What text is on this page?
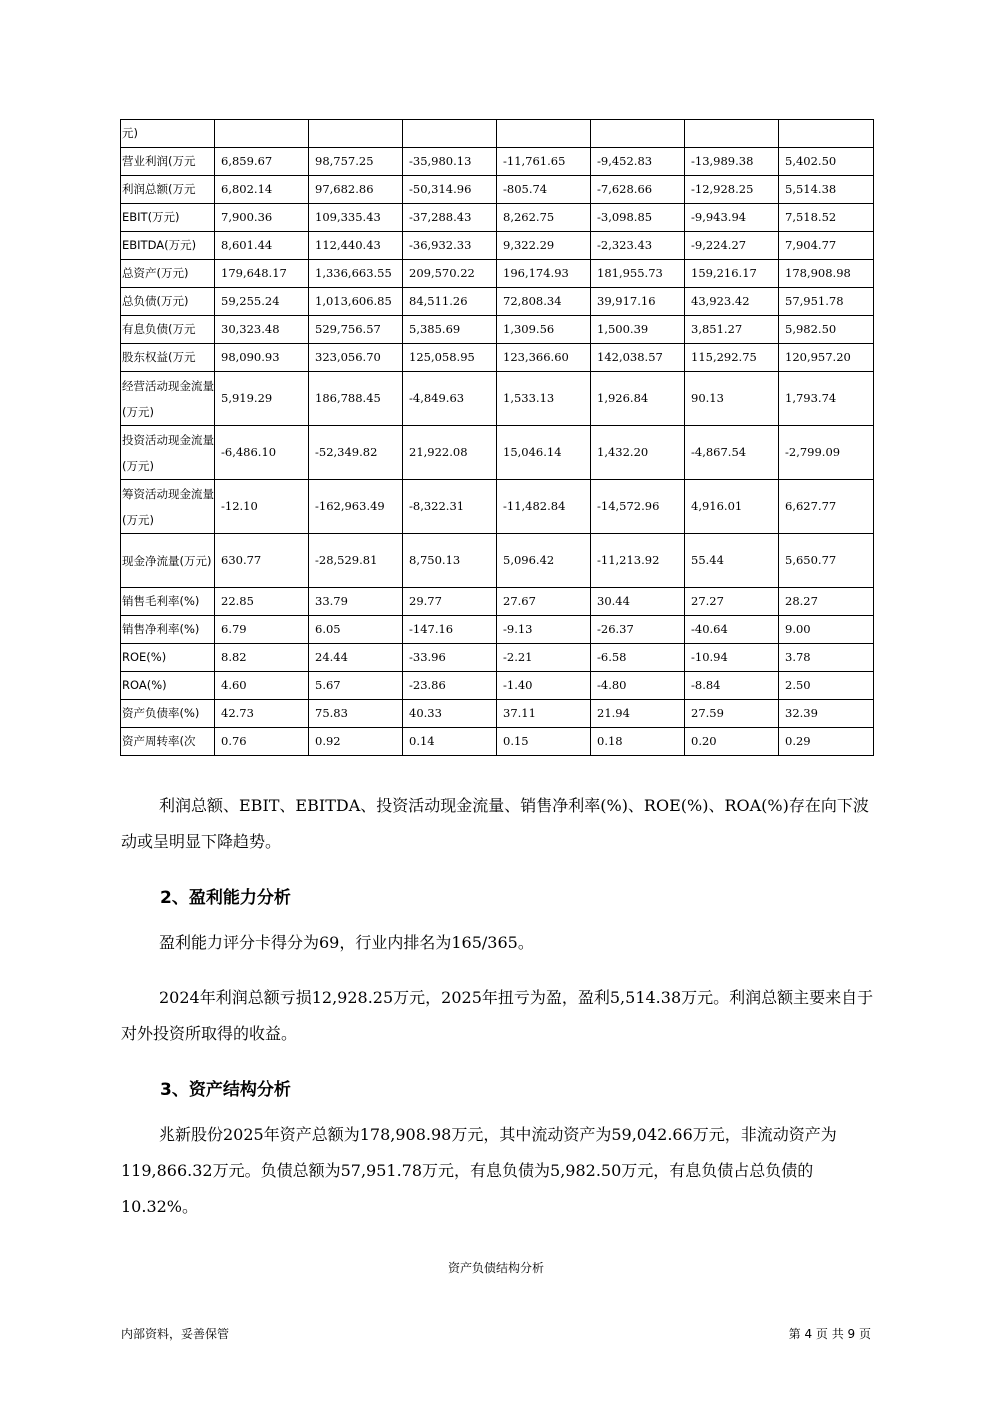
元)							
营业利润(万元	6,859.67	98,757.25	-35,980.13	-11,761.65	-9,452.83	-13,989.38	5,402.50
利润总额(万元	6,802.14	97,682.86	-50,314.96	-805.74	-7,628.66	-12,928.25	5,514.38
EBIT(万元)	7,900.36	109,335.43	-37,288.43	8,262.75	-3,098.85	-9,943.94	7,518.52
EBITDA(万元)	8,601.44	112,440.43	-36,932.33	9,322.29	-2,323.43	-9,224.27	7,904.77
总资产(万元)	179,648.17	1,336,663.55	209,570.22	196,174.93	181,955.73	159,216.17	178,908.98
总负债(万元)	59,255.24	1,013,606.85	84,511.26	72,808.34	39,917.16	43,923.42	57,951.78
有息负债(万元	30,323.48	529,756.57	5,385.69	1,309.56	1,500.39	3,851.27	5,982.50
股东权益(万元	98,090.93	323,056.70	125,058.95	123,366.60	142,038.57	115,292.75	120,957.20
经营活动现金流量(万元)	5,919.29	186,788.45	-4,849.63	1,533.13	1,926.84	90.13	1,793.74
投资活动现金流量(万元)	-6,486.10	-52,349.82	21,922.08	15,046.14	1,432.20	-4,867.54	-2,799.09
筹资活动现金流量(万元)	-12.10	-162,963.49	-8,322.31	-11,482.84	-14,572.96	4,916.01	6,627.77
现金净流量(万元)	630.77	-28,529.81	8,750.13	5,096.42	-11,213.92	55.44	5,650.77
销售毛利率(%)	22.85	33.79	29.77	27.67	30.44	27.27	28.27
销售净利率(%)	6.79	6.05	-147.16	-9.13	-26.37	-40.64	9.00
ROE(%)	8.82	24.44	-33.96	-2.21	-6.58	-10.94	3.78
ROA(%)	4.60	5.67	-23.86	-1.40	-4.80	-8.84	2.50
资产负债率(%)	42.73	75.83	40.33	37.11	21.94	27.59	32.39
资产周转率(次	0.76	0.92	0.14	0.15	0.18	0.20	0.29
利润总额、EBIT、EBITDA、投资活动现金流量、销售净利率(%)、ROE(%)、ROA(%)存在向下波动或呈明显下降趋势。
2、盈利能力分析
盈利能力评分卡得分为69，行业内排名为165/365。
2024年利润总额亏损12,928.25万元，2025年扭亏为盈，盈利5,514.38万元。利润总额主要来自于对外投资所取得的收益。
3、资产结构分析
兆新股份2025年资产总额为178,908.98万元，其中流动资产为59,042.66万元，非流动资产为119,866.32万元。负债总额为57,951.78万元，有息负债为5,982.50万元，有息负债占总负债的10.32%。
资产负债结构分析
内部资料，妥善保管	第 4 页 共 9 页
